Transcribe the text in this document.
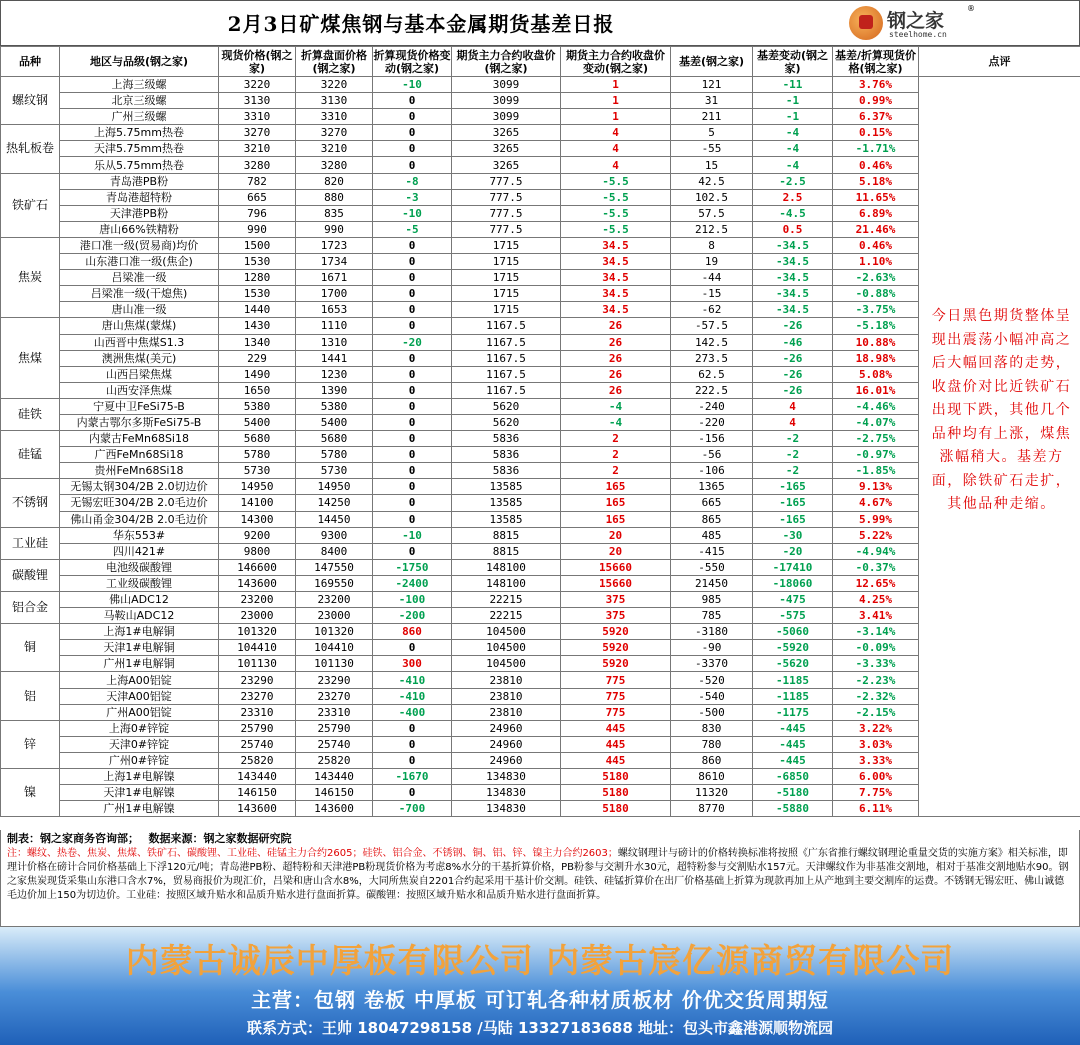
2月3日矿煤焦钢与基本金属期货基差日报	钢之家
steelhome.cn
®
品种	地区与品级(钢之家)	现货价格(钢之家)	折算盘面价格(钢之家)	折算现货价格变动(钢之家)	期货主力合约收盘价(钢之家)	期货主力合约收盘价变动(钢之家)	基差(钢之家)	基差变动(钢之家)	基差/折算现货价格(钢之家)	点评
螺纹钢	上海三级螺	3220	3220	-10	3099	1	121	-11	3.76%	今日黑色期货整体呈现出震荡小幅冲高之后大幅回落的走势，收盘价对比近铁矿石出现下跌，其他几个品种均有上涨，煤焦涨幅稍大。基差方面，除铁矿石走扩，其他品种走缩。

	北京三级螺	3130	3130	0	3099	1	31	-1	0.99%	
	广州三级螺	3310	3310	0	3099	1	211	-1	6.37%	
热轧板卷	上海5.75mm热卷	3270	3270	0	3265	4	5	-4	0.15%	
	天津5.75mm热卷	3210	3210	0	3265	4	-55	-4	-1.71%	
	乐从5.75mm热卷	3280	3280	0	3265	4	15	-4	0.46%	
铁矿石	青岛港PB粉	782	820	-8	777.5	-5.5	42.5	-2.5	5.18%	
	青岛港超特粉	665	880	-3	777.5	-5.5	102.5	2.5	11.65%	
	天津港PB粉	796	835	-10	777.5	-5.5	57.5	-4.5	6.89%	
	唐山66%铁精粉	990	990	-5	777.5	-5.5	212.5	0.5	21.46%	
焦炭	港口准一级(贸易商)均价	1500	1723	0	1715	34.5	8	-34.5	0.46%	
	山东港口准一级(焦企)	1530	1734	0	1715	34.5	19	-34.5	1.10%	
	吕梁准一级	1280	1671	0	1715	34.5	-44	-34.5	-2.63%	
	吕梁准一级(干熄焦)	1530	1700	0	1715	34.5	-15	-34.5	-0.88%	
	唐山准一级	1440	1653	0	1715	34.5	-62	-34.5	-3.75%	
焦煤	唐山焦煤(蒙煤)	1430	1110	0	1167.5	26	-57.5	-26	-5.18%	
	山西晋中焦煤S1.3	1340	1310	-20	1167.5	26	142.5	-46	10.88%	
	澳洲焦煤(美元)	229	1441	0	1167.5	26	273.5	-26	18.98%	
	山西吕梁焦煤	1490	1230	0	1167.5	26	62.5	-26	5.08%	
	山西安泽焦煤	1650	1390	0	1167.5	26	222.5	-26	16.01%	
硅铁	宁夏中卫FeSi75-B	5380	5380	0	5620	-4	-240	4	-4.46%	
	内蒙古鄂尔多斯FeSi75-B	5400	5400	0	5620	-4	-220	4	-4.07%	
硅锰	内蒙古FeMn68Si18	5680	5680	0	5836	2	-156	-2	-2.75%	
	广西FeMn68Si18	5780	5780	0	5836	2	-56	-2	-0.97%	
	贵州FeMn68Si18	5730	5730	0	5836	2	-106	-2	-1.85%	
不锈钢	无锡太钢304/2B 2.0切边价	14950	14950	0	13585	165	1365	-165	9.13%	
	无锡宏旺304/2B 2.0毛边价	14100	14250	0	13585	165	665	-165	4.67%	
	佛山甬金304/2B 2.0毛边价	14300	14450	0	13585	165	865	-165	5.99%	
工业硅	华东553#	9200	9300	-10	8815	20	485	-30	5.22%	
	四川421#	9800	8400	0	8815	20	-415	-20	-4.94%	
碳酸锂	电池级碳酸锂	146600	147550	-1750	148100	15660	-550	-17410	-0.37%	
	工业级碳酸锂	143600	169550	-2400	148100	15660	21450	-18060	12.65%	
铝合金	佛山ADC12	23200	23200	-100	22215	375	985	-475	4.25%	
	马鞍山ADC12	23000	23000	-200	22215	375	785	-575	3.41%	
铜	上海1#电解铜	101320	101320	860	104500	5920	-3180	-5060	-3.14%	
	天津1#电解铜	104410	104410	0	104500	5920	-90	-5920	-0.09%	
	广州1#电解铜	101130	101130	300	104500	5920	-3370	-5620	-3.33%	
铝	上海A00铝锭	23290	23290	-410	23810	775	-520	-1185	-2.23%	
	天津A00铝锭	23270	23270	-410	23810	775	-540	-1185	-2.32%	
	广州A00铝锭	23310	23310	-400	23810	775	-500	-1175	-2.15%	
锌	上海0#锌锭	25790	25790	0	24960	445	830	-445	3.22%	
	天津0#锌锭	25740	25740	0	24960	445	780	-445	3.03%	
	广州0#锌锭	25820	25820	0	24960	445	860	-445	3.33%	
镍	上海1#电解镍	143440	143440	-1670	134830	5180	8610	-6850	6.00%	
	天津1#电解镍	146150	146150	0	134830	5180	11320	-5180	7.75%	
	广州1#电解镍	143600	143600	-700	134830	5180	8770	-5880	6.11%	
制表：钢之家商务咨询部； 数据来源：钢之家数据研究院
注：螺纹、热卷、焦炭、焦煤、铁矿石、碳酸锂、工业硅、硅锰主力合约2605；硅铁、铝合金、不锈钢、铜、铝、锌、镍主力合约2603；螺纹钢理计与磅计的价格转换标准将按照《广东省推行螺纹钢理论重量交货的实施方案》相关标准，即理计价格在磅计合同价格基础上下浮120元/吨；青岛港PB粉、超特粉和天津港PB粉现货价格为考虑8%水分的干基折算价格，PB粉参与交割升水30元，超特粉参与交割贴水157元。天津螺纹作为非基准交割地，相对于基准交割地贴水90。钢之家焦炭现货采集山东港口含水7%，贸易商报价为现汇价，吕梁和唐山含水8%，大同所焦炭自2201合约起采用干基计价交割。硅铁、硅锰折算价在出厂价格基础上折算为现款再加上从产地到主要交割库的运费。不锈钢无锡宏旺、佛山诚德毛边价加上150为切边价。工业硅：按照区域升贴水和品质升贴水进行盘面折算。碳酸锂：按照区域升贴水和品质升贴水进行盘面折算。
内蒙古诚辰中厚板有限公司 内蒙古宸亿源商贸有限公司
主营：包钢 卷板 中厚板 可订轧各种材质板材 价优交货周期短
联系方式：王帅 18047298158 /马陆 13327183688 地址：包头市鑫港源顺物流园
